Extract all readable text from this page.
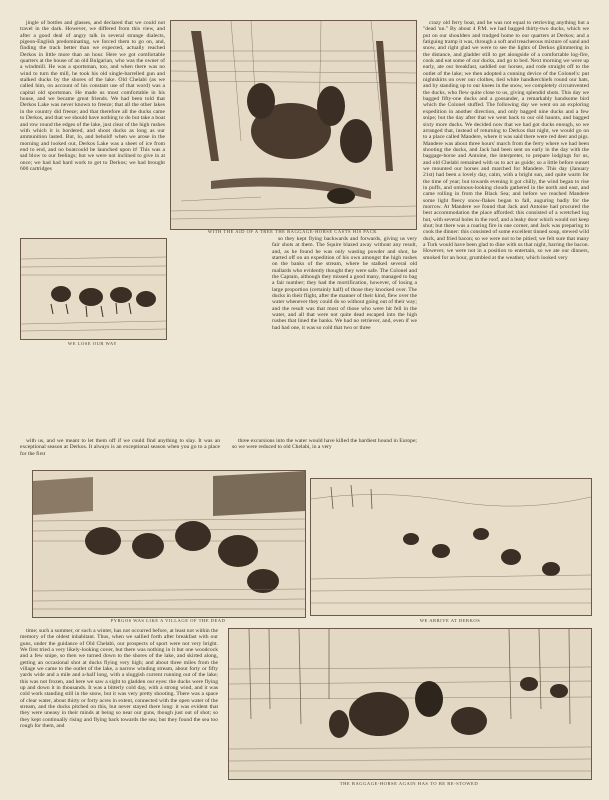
jingle of bottles and glasses, and declared that we could not travel in the dark. However, we differed from this view, and after a good deal of angry talk in several strange dialects, pigeon-English predominating, we forced them to go on, and, finding the track better than we expected, actually reached Derkos in little more than an hour. Here we got comfortable quarters at the house of an old Bulgarian, who was the owner of a windmill. He was a sportsman, too, and when there was no wind to turn the mill, he took his old single-barrelled gun and stalked ducks by the shores of the lake. Old Chelabi (as we called him, on account of his constant use of that word) was a capital old sportsman. He made us most comfortable in his house, and we became great friends. We had been told that Derkos Lake was never known to freeze; that all the other lakes in the country did freeze; and that therefore all the ducks came to Derkos, and that we should have nothing to do but take a boat and row round the edges of the lake, just clear of the high rushes with which it is bordered, and shoot ducks as long as our ammunition lasted. But, lo, and behold! when we arose in the morning and looked out, Derkos Lake was a sheet of ice from end to end, and no boatcould be launched upon it! This was a sad blow to our feelings; but we were not inclined to give in at once; we had had hard work to get to Derkos; we had brought 600 cartridges

WITH THE AID OF A TREE THE BAGGAGE-HORSE CASTS HIS PACK

crazy old ferry boat, and he was not equal to retrieving anything but a "dead 'un." By about 4 P.M. we had bagged thirty-two ducks, which we put on our shoulders and trudged home to our quarters at Derkos; and a fatiguing tramp it was, through a soft and treacherous mixture of sand and snow, and right glad we were to see the lights of Derkos glimmering in the distance, and gladder still to get alongside of a comfortable log-fire, cook and eat some of our ducks, and go to bed. Next morning we were up early, ate our breakfast, saddled our horses, and rode straight off to the outlet of the lake; we then adopted a cunning device of the Colonel's: put nightshirts on over our clothes, tied white handkerchiefs round our hats, and by standing up to our knees in the snow, we completely circumvented the ducks, who flew quite close to us, giving splendid shots. This day we bagged fifty-one ducks and a goosander, a remarkably handsome bird which the Colonel stuffed. The following day we went on an exploring expedition in another direction, and only bagged nine ducks and a few snipe; but the day after that we went back to our old haunts, and bagged sixty more ducks. We decided now that we had got ducks enough, so we arranged that, instead of returning to Derkos that night, we would go on to a place called Mandere, where it was said there were red deer and pigs. Mandere was about three hours' march from the ferry where we had been shooting the ducks, and Jack had been sent on early in the day with the baggage-horse and Antoine, the interpreter, to prepare lodgings for us, and old Chelabi remained with us to act as guide; so a little before sunset we mounted our horses and marched for Mandere. This day (January 21st) had been a lovely day, calm, with a bright sun, and quite warm for the time of year; but towards evening it got chilly, the wind began to rise in puffs, and ominous-looking clouds gathered in the north and east, and came rolling in from the Black Sea; and before we reached Mandere some light fleecy snow-flakes began to fall, auguring badly for the morrow. At Mandere we found that Jack and Antoine had procured the best accommodation the place afforded: this consisted of a wretched log hut, with several holes in the roof, and a leaky door which would not keep shut; but there was a roaring fire in one corner, and Jack was preparing to cook the dinner: this consisted of some excellent tinned soup, stewed wild duck, and fried bacon; so we were not to be pitied; we felt sure that many a Turk would have been glad to dine with us that night, barring the bacon. However, we were not in a position to entertain, so we ate our dinners, smoked for an hour, grumbled at the weather, which looked very

WE LOSE OUR WAY

so they kept flying backwards and forwards, giving us very fair shots at them. The Squire blazed away without any result, and, as he found he was only wasting powder and shot, he started off on an expedition of his own amongst the high rushes on the banks of the stream, where he stalked several old mallards who evidently thought they were safe. The Colonel and the Captain, although they missed a good many, managed to bag a fair number; they had the mortification, however, of losing a large proportion (certainly half) of those they knocked over. The ducks in their flight, after the manner of their kind, flew over the water whenever they could do so without going out of their way; and the result was that most of those who were hit fell in the water, and all that were not quite dead escaped into the high rushes that lined the banks. We had no retriever, and, even if we had had one, it was so cold that two or three

with us, and we meant to let them off if we could find anything to slay. It was an exceptional season at Derkos. It always is an exceptional season when you go to a place for the first

three excursions into the water would have killed the hardiest hound in Europe; so we were reduced to old Chelabi, in a very

PYRGOS WAS LIKE A VILLAGE OF THE DEAD	WE ARRIVE AT DERKOS

time; such a summer, or such a winter, has not occurred before, at least not within the memory of the oldest inhabitant. Thus, when we sallied forth after breakfast with our guns, under the guidance of Old Chelabi, our prospects of sport were not very bright. We first tried a very likely-looking cover, but there was nothing in it but one woodcock and a few snipe, so then we turned down to the shores of the lake, and skirted along, getting an occasional shot at ducks flying very high; and about three miles from the village we came to the outlet of the lake, a narrow winding stream, about forty or fifty yards wide and a mile and a-half long, with a sluggish current running out of the lake; this was not frozen, and here we saw a sight to gladden our eyes: the ducks were flying up and down it in thousands. It was a bitterly cold day, with a strong wind, and it was cold work standing still in the snow, but it was very pretty shooting. There was a space of clear water, about thirty or forty acres in extent, connected with the open water of the stream, and the ducks pitched on this, but never stayed there long: it was evident that they were uneasy in their minds at being so near our guns, though just out of shot; so they kept continually rising and flying back towards the sea; but they found the sea too rough for them, and

THE BAGGAGE-HORSE AGAIN HAS TO BE RE-STOWED
